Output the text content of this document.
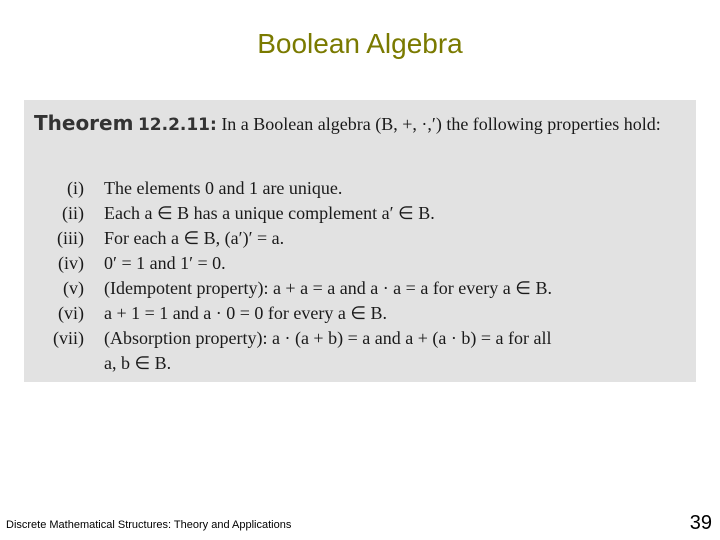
Boolean Algebra
Theorem 12.2.11: In a Boolean algebra (B, +, ·,′) the following properties hold:
(i)	The elements 0 and 1 are unique.
(ii)	Each a ∈ B has a unique complement a′ ∈ B.
(iii)	For each a ∈ B, (a′)′ = a.
(iv)	0′ = 1 and 1′ = 0.
(v)	(Idempotent property): a + a = a and a · a = a for every a ∈ B.
(vi)	a + 1 = 1 and a · 0 = 0 for every a ∈ B.
(vii)	(Absorption property): a · (a + b) = a and a + (a · b) = a for all
a, b ∈ B.
Discrete Mathematical Structures: Theory and Applications	39
